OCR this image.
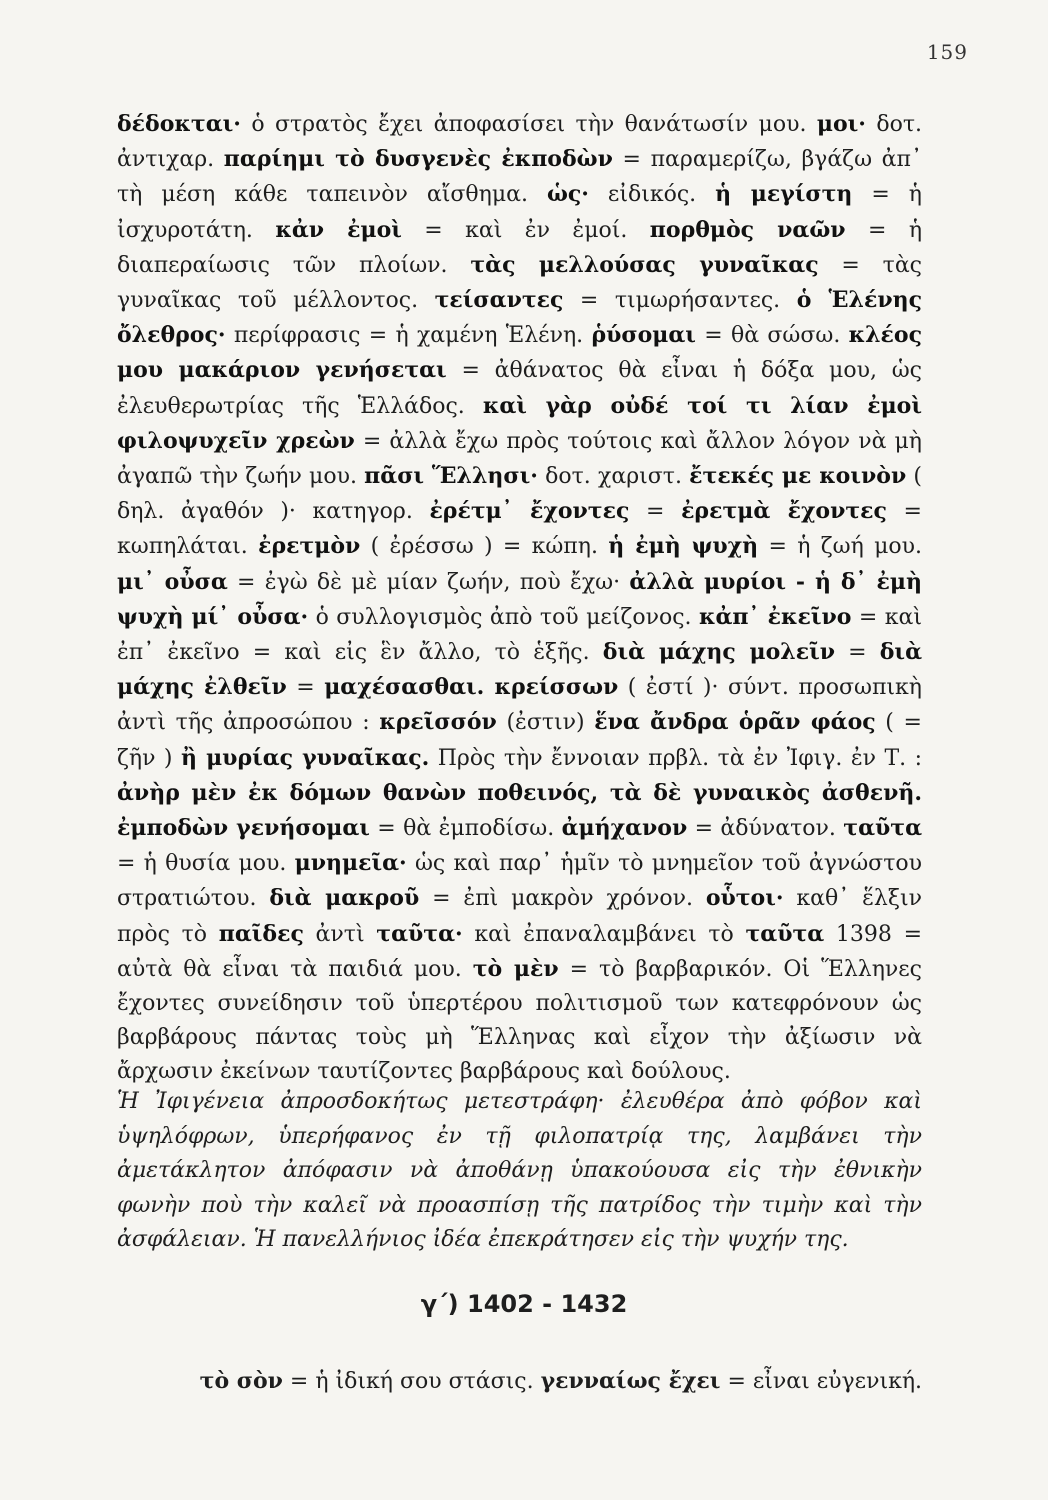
159
δέδοκται· ὁ στρατὸς ἔχει ἀποφασίσει τὴν θανάτωσίν μου. μοι· δοτ. ἀντιχαρ. παρίημι τὸ δυσγενὲς ἐκποδὼν = παραμερίζω, βγάζω ἀπ᾽ τὴ μέση κάθε ταπεινὸν αἴσθημα. ὡς· εἰδικός. ἡ μεγίστη = ἡ ἰσχυροτάτη. κἀν ἐμοὶ = καὶ ἐν ἐμοί. πορθμὸς ναῶν = ἡ διαπεραίωσις τῶν πλοίων. τὰς μελλούσας γυναῖκας = τὰς γυναῖκας τοῦ μέλλοντος. τείσαντες = τιμωρήσαντες. ὁ Ἑλένης ὄλεθρος· περίφρασις = ἡ χαμένη Ἑλένη. ῥύσομαι = θὰ σώσω. κλέος μου μακάριον γενήσεται = ἀθάνατος θὰ εἶναι ἡ δόξα μου, ὡς ἐλευθερωτρίας τῆς Ἑλλάδος. καὶ γὰρ οὐδέ τοί τι λίαν ἐμοὶ φιλοψυχεῖν χρεὼν = ἀλλὰ ἔχω πρὸς τούτοις καὶ ἄλλον λόγον νὰ μὴ ἀγαπῶ τὴν ζωήν μου. πᾶσι Ἕλλησι· δοτ. χαριστ. ἔτεκές με κοινὸν ( δηλ. ἀγαθόν )· κατηγορ. ἐρέτμ᾽ ἔχοντες = ἐρετμὰ ἔχοντες = κωπηλάται. ἐρετμὸν ( ἐρέσσω ) = κώπη. ἡ ἐμὴ ψυχὴ = ἡ ζωή μου. μι᾽ οὖσα = ἐγὼ δὲ μὲ μίαν ζωήν, ποὺ ἔχω· ἀλλὰ μυρίοι - ἡ δ᾽ ἐμὴ ψυχὴ μί᾽ οὖσα· ὁ συλλογισμὸς ἀπὸ τοῦ μείζονος. κἀπ᾽ ἐκεῖνο = καὶ ἐπ᾽ ἐκεῖνο = καὶ εἰς ἓν ἄλλο, τὸ ἑξῆς. διὰ μάχης μολεῖν = διὰ μάχης ἐλθεῖν = μαχέσασθαι. κρείσσων ( ἐστί )· σύντ. προσωπικὴ ἀντὶ τῆς ἀπροσώπου : κρεῖσσόν (ἐστιν) ἕνα ἄνδρα ὁρᾶν φάος ( = ζῆν ) ἢ μυρίας γυναῖκας. Πρὸς τὴν ἔννοιαν πρβλ. τὰ ἐν Ἰφιγ. ἐν Τ. : ἀνὴρ μὲν ἐκ δόμων θανὼν ποθεινός, τὰ δὲ γυναικὸς ἀσθενῆ. ἐμποδὼν γενήσομαι = θὰ ἐμποδίσω. ἀμήχανον = ἀδύνατον. ταῦτα = ἡ θυσία μου. μνημεῖα· ὡς καὶ παρ᾽ ἡμῖν τὸ μνημεῖον τοῦ ἀγνώστου στρατιώτου. διὰ μακροῦ = ἐπὶ μακρὸν χρόνον. οὗτοι· καθ᾽ ἕλξιν πρὸς τὸ παῖδες ἀντὶ ταῦτα· καὶ ἐπαναλαμβάνει τὸ ταῦτα 1398 = αὐτὰ θὰ εἶναι τὰ παιδιά μου. τὸ μὲν = τὸ βαρβαρικόν. Οἱ Ἕλληνες ἔχοντες συνείδησιν τοῦ ὑπερτέρου πολιτισμοῦ των κατεφρόνουν ὡς βαρβάρους πάντας τοὺς μὴ Ἕλληνας καὶ εἶχον τὴν ἀξίωσιν νὰ ἄρχωσιν ἐκείνων ταυτίζοντες βαρβάρους καὶ δούλους.
Ἡ Ἰφιγένεια ἀπροσδοκήτως μετεστράφη· ἐλευθέρα ἀπὸ φόβον καὶ ὑψηλόφρων, ὑπερήφανος ἐν τῇ φιλοπατρίᾳ της, λαμβάνει τὴν ἀμετάκλητον ἀπόφασιν νὰ ἀποθάνῃ ὑπακούουσα εἰς τὴν ἐθνικὴν φωνὴν ποὺ τὴν καλεῖ νὰ προασπίσῃ τῆς πατρίδος τὴν τιμὴν καὶ τὴν ἀσφάλειαν. Ἡ πανελλήνιος ἰδέα ἐπεκράτησεν εἰς τὴν ψυχήν της.
γ΄) 1402 - 1432
τὸ σὸν = ἡ ἰδική σου στάσις. γενναίως ἔχει = εἶναι εὐγενική.
